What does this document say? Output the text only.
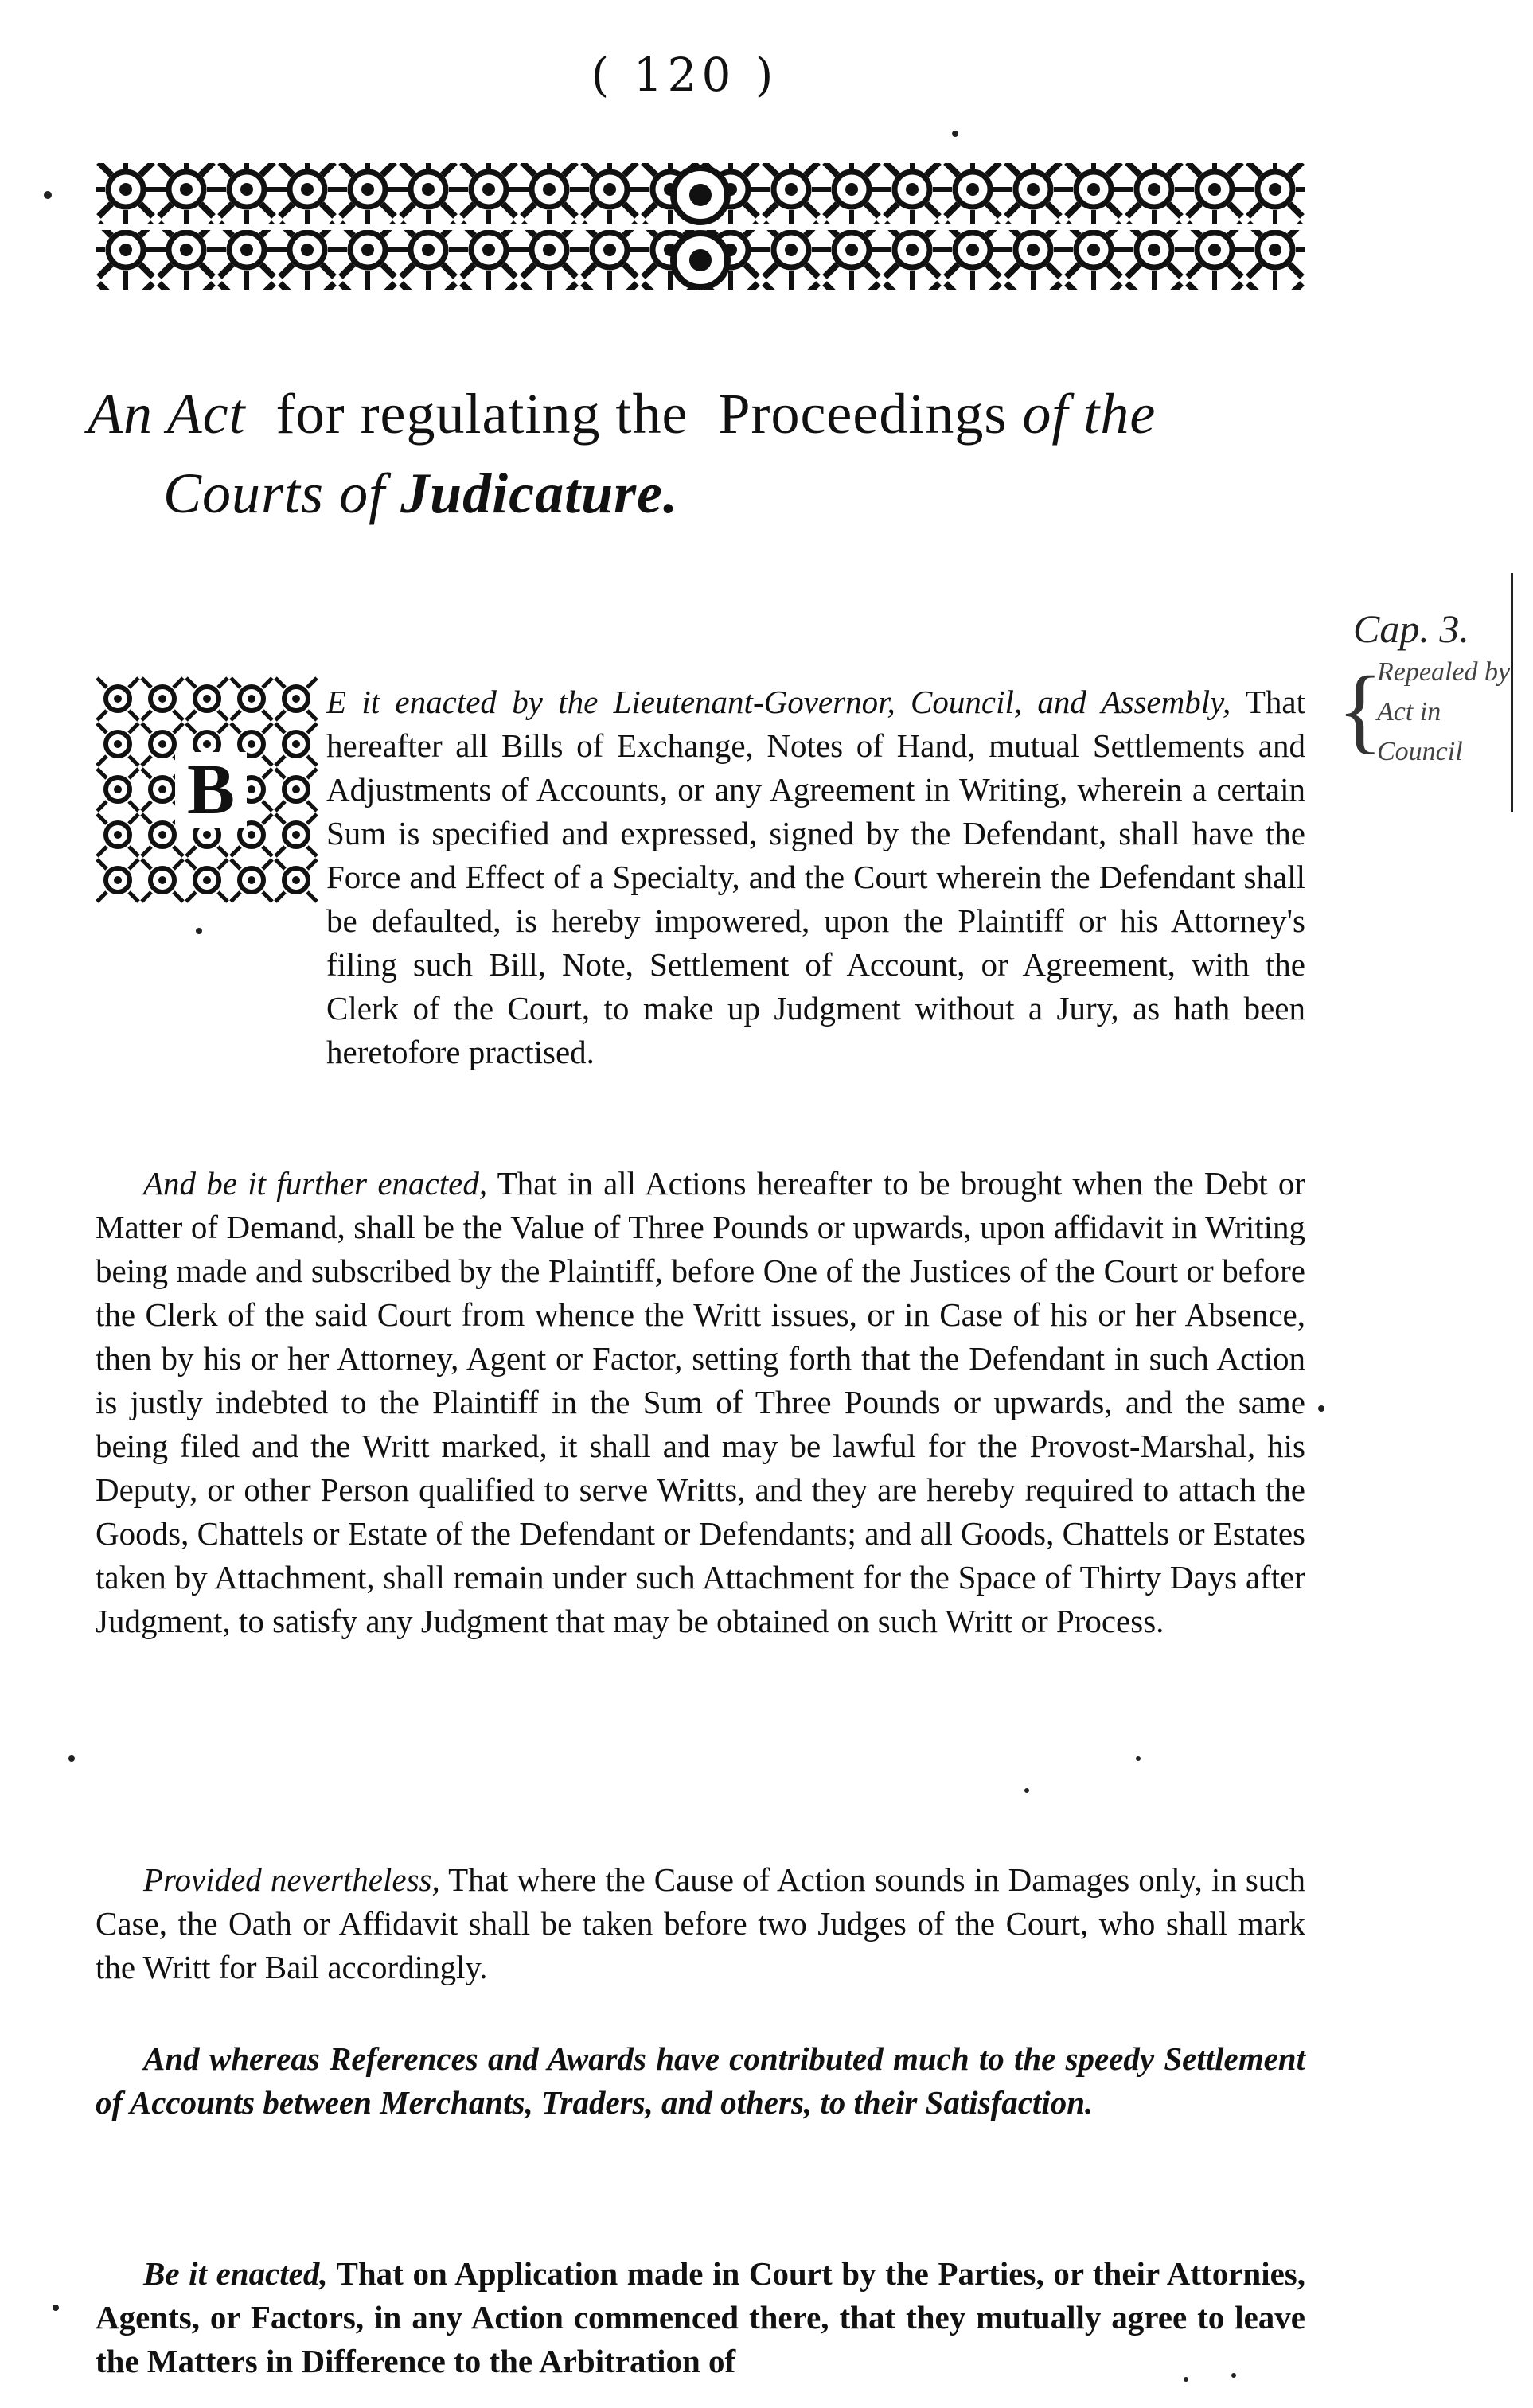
( 120 )
An Act for regulating the Proceedings of the
Courts of Judicature.
Cap. 3.
{
Repealed by Act in Council
B
E it enacted by the Lieutenant-Governor, Council, and Assembly, That hereafter all Bills of Exchange, Notes of Hand, mutual Settlements and Adjustments of Accounts, or any Agreement in Writing, wherein a certain Sum is specified and expressed, signed by the Defendant, shall have the Force and Effect of a Specialty, and the Court wherein the Defendant shall be defaulted, is hereby impowered, upon the Plaintiff or his Attorney's filing such Bill, Note, Settlement of Account, or Agreement, with the Clerk of the Court, to make up Judgment without a Jury, as hath been heretofore practised.
And be it further enacted, That in all Actions hereafter to be brought when the Debt or Matter of Demand, shall be the Value of Three Pounds or upwards, upon affidavit in Writing being made and subscribed by the Plaintiff, before One of the Justices of the Court or before the Clerk of the said Court from whence the Writt issues, or in Case of his or her Absence, then by his or her Attorney, Agent or Factor, setting forth that the Defendant in such Action is justly indebted to the Plaintiff in the Sum of Three Pounds or upwards, and the same being filed and the Writt marked, it shall and may be lawful for the Provost-Marshal, his Deputy, or other Person qualified to serve Writts, and they are hereby required to attach the Goods, Chattels or Estate of the Defendant or Defendants; and all Goods, Chattels or Estates taken by Attachment, shall remain under such Attachment for the Space of Thirty Days after Judgment, to satisfy any Judgment that may be obtained on such Writt or Process.
Provided nevertheless, That where the Cause of Action sounds in Damages only, in such Case, the Oath or Affidavit shall be taken before two Judges of the Court, who shall mark the Writt for Bail accordingly.
And whereas References and Awards have contributed much to the speedy Settlement of Accounts between Merchants, Traders, and others, to their Satisfaction.
Be it enacted, That on Application made in Court by the Parties, or their Attornies, Agents, or Factors, in any Action commenced there, that they mutually agree to leave the Matters in Difference to the Arbitration of
